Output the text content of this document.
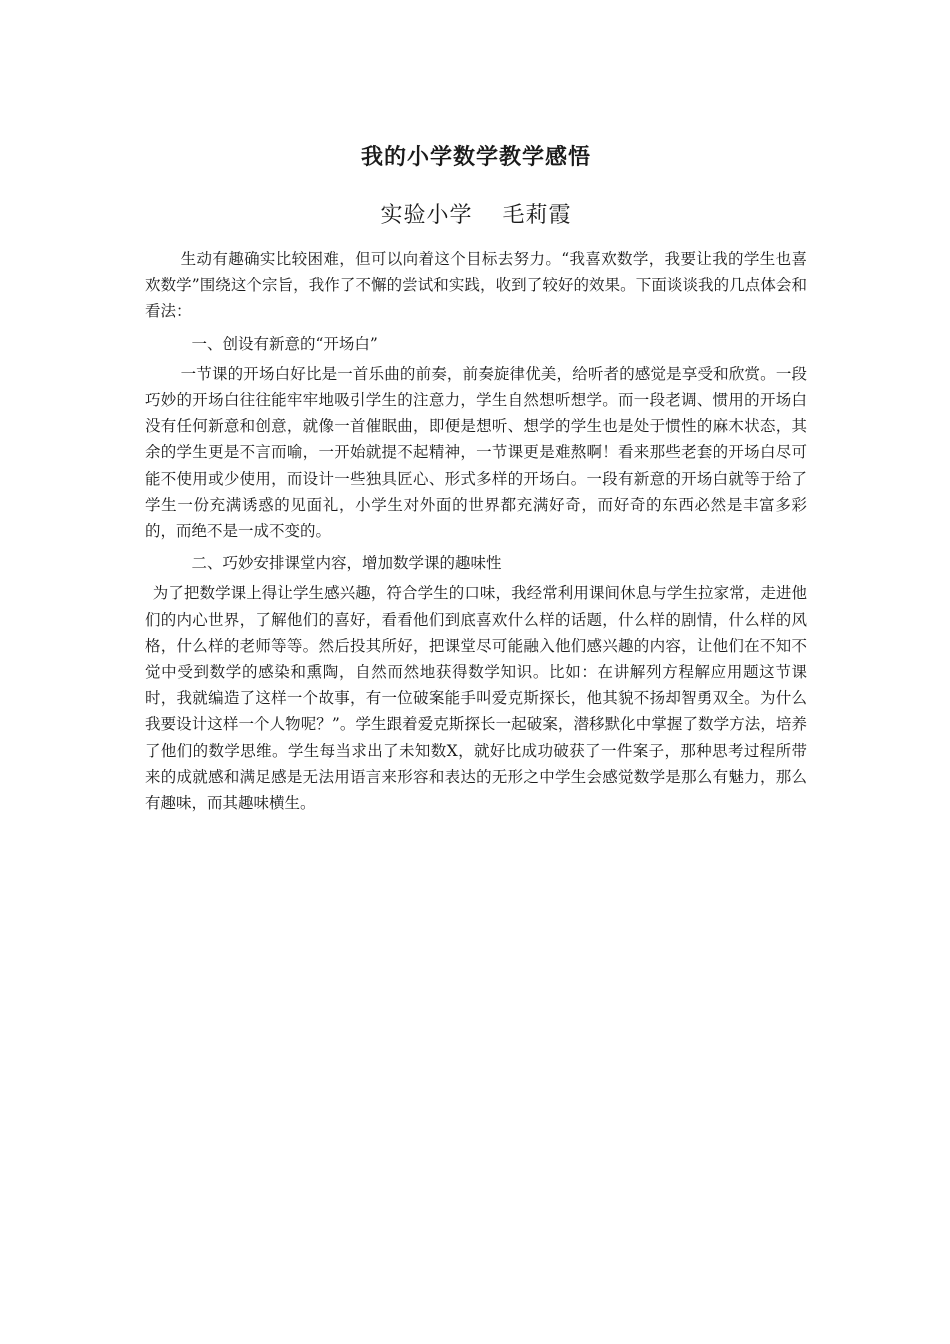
我的小学数学教学感悟
实验小学 毛莉霞

生动有趣确实比较困难，但可以向着这个目标去努力。“我喜欢数学，我要让我的学生也喜欢数学”围绕这个宗旨，我作了不懈的尝试和实践，收到了较好的效果。下面谈谈我的几点体会和看法：

一、创设有新意的“开场白”

一节课的开场白好比是一首乐曲的前奏，前奏旋律优美，给听者的感觉是享受和欣赏。一段巧妙的开场白往往能牢牢地吸引学生的注意力，学生自然想听想学。而一段老调、惯用的开场白没有任何新意和创意，就像一首催眠曲，即便是想听、想学的学生也是处于惯性的麻木状态，其余的学生更是不言而喻，一开始就提不起精神，一节课更是难熬啊！看来那些老套的开场白尽可能不使用或少使用，而设计一些独具匠心、形式多样的开场白。一段有新意的开场白就等于给了学生一份充满诱惑的见面礼，小学生对外面的世界都充满好奇，而好奇的东西必然是丰富多彩的，而绝不是一成不变的。

二、巧妙安排课堂内容，增加数学课的趣味性

为了把数学课上得让学生感兴趣，符合学生的口味，我经常利用课间休息与学生拉家常，走进他们的内心世界，了解他们的喜好，看看他们到底喜欢什么样的话题，什么样的剧情，什么样的风格，什么样的老师等等。然后投其所好，把课堂尽可能融入他们感兴趣的内容，让他们在不知不觉中受到数学的感染和熏陶，自然而然地获得数学知识。比如：在讲解列方程解应用题这节课时，我就编造了这样一个故事，有一位破案能手叫爱克斯探长，他其貌不扬却智勇双全。为什么我要设计这样一个人物呢？”。学生跟着爱克斯探长一起破案，潜移默化中掌握了数学方法，培养了他们的数学思维。学生每当求出了未知数X，就好比成功破获了一件案子，那种思考过程所带来的成就感和满足感是无法用语言来形容和表达的无形之中学生会感觉数学是那么有魅力，那么有趣味，而其趣味横生。
